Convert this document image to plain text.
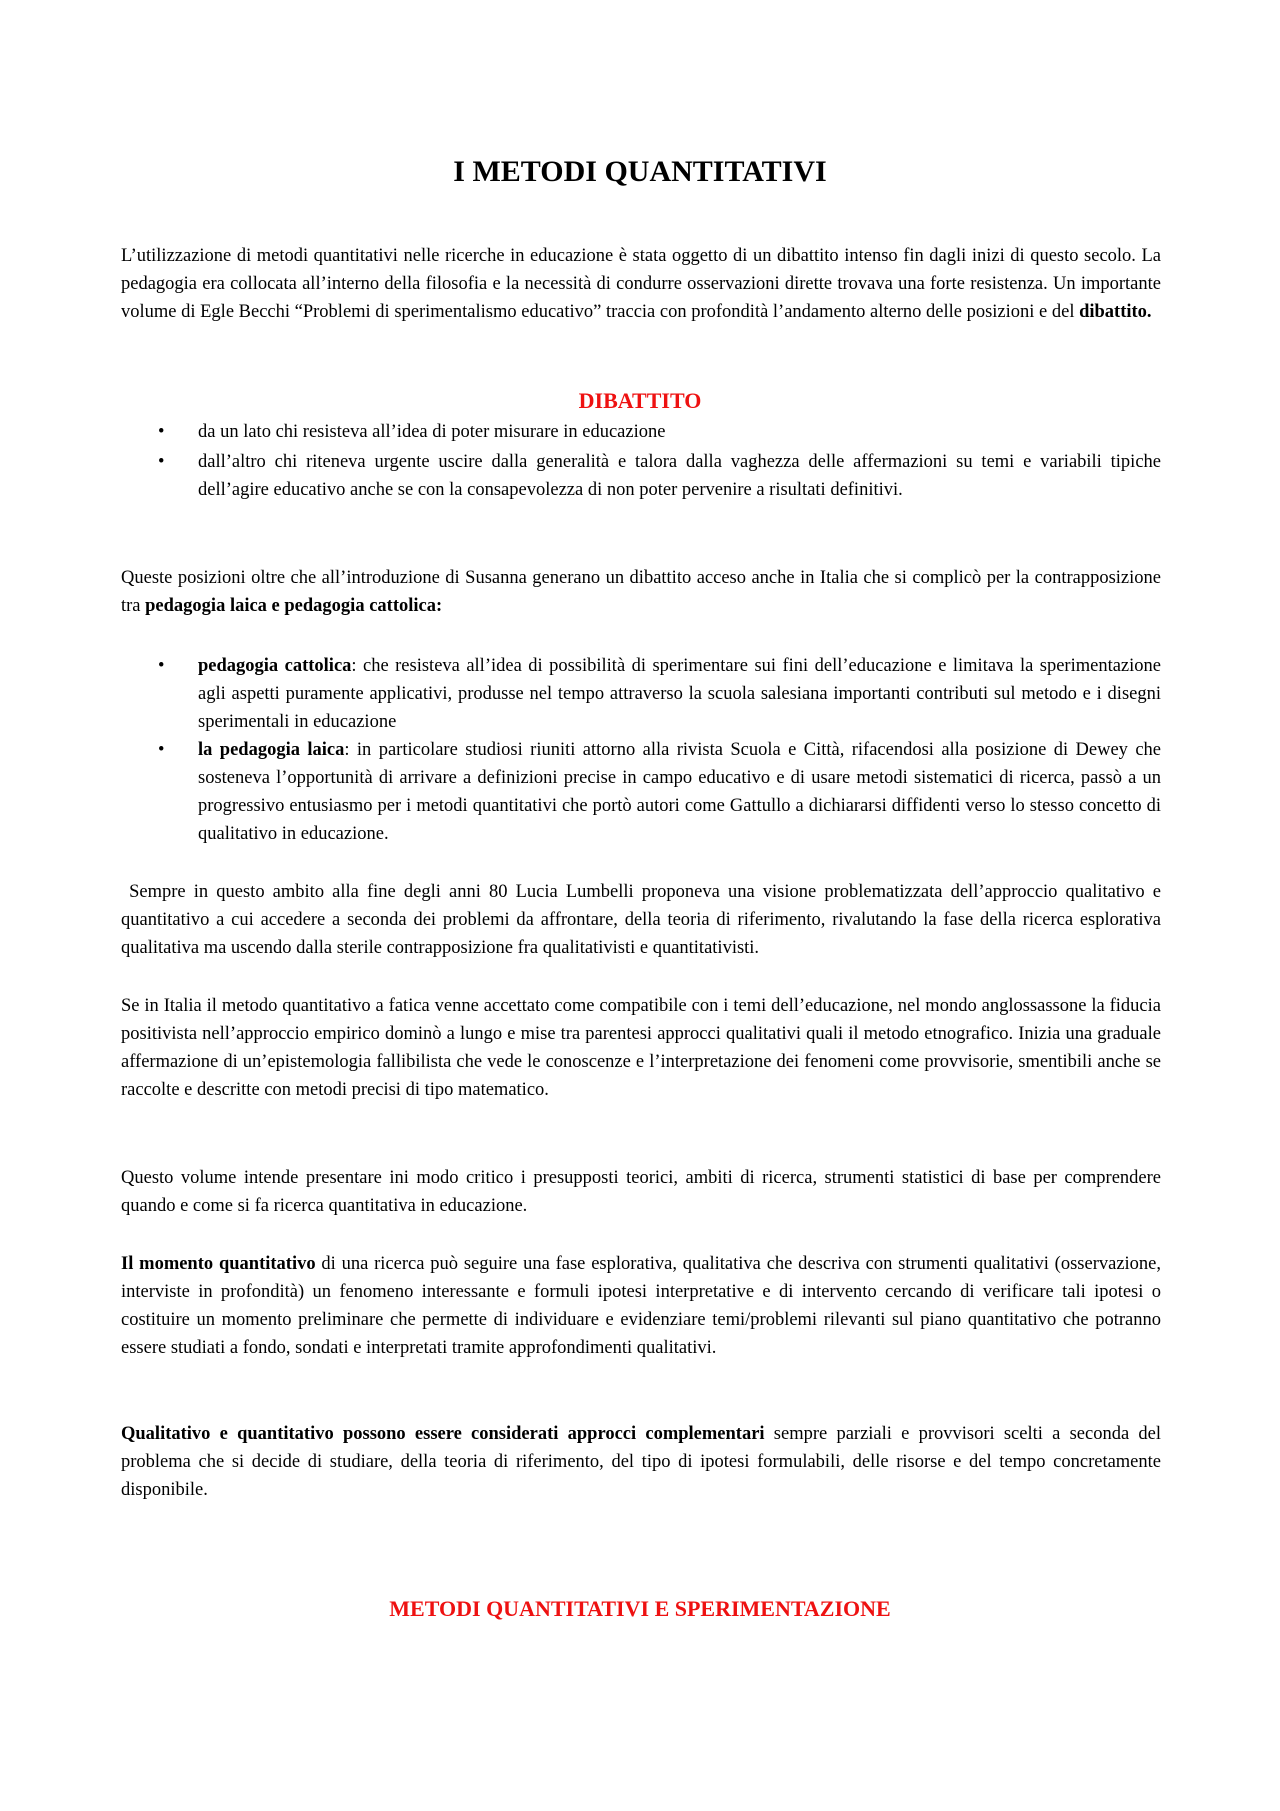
I METODI QUANTITATIVI

L’utilizzazione di metodi quantitativi nelle ricerche in educazione è stata oggetto di un dibattito intenso fin dagli inizi di questo secolo. La pedagogia era collocata all’interno della filosofia e la necessità di condurre osservazioni dirette trovava una forte resistenza. Un importante volume di Egle Becchi “Problemi di sperimentalismo educativo” traccia con profondità l’andamento alterno delle posizioni e del dibattito.

DIBATTITO
• da un lato chi resisteva all’idea di poter misurare in educazione
• dall’altro chi riteneva urgente uscire dalla generalità e talora dalla vaghezza delle affermazioni su temi e variabili tipiche dell’agire educativo anche se con la consapevolezza di non poter pervenire a risultati definitivi.

Queste posizioni oltre che all’introduzione di Susanna generano un dibattito acceso anche in Italia che si complicò per la contrapposizione tra pedagogia laica e pedagogia cattolica:

• pedagogia cattolica: che resisteva all’idea di possibilità di sperimentare sui fini dell’educazione e limitava la sperimentazione agli aspetti puramente applicativi, produsse nel tempo attraverso la scuola salesiana importanti contributi sul metodo e i disegni sperimentali in educazione
• la pedagogia laica: in particolare studiosi riuniti attorno alla rivista Scuola e Città, rifacendosi alla posizione di Dewey che sosteneva l’opportunità di arrivare a definizioni precise in campo educativo e di usare metodi sistematici di ricerca, passò a un progressivo entusiasmo per i metodi quantitativi che portò autori come Gattullo a dichiararsi diffidenti verso lo stesso concetto di qualitativo in educazione.

Sempre in questo ambito alla fine degli anni 80 Lucia Lumbelli proponeva una visione problematizzata dell’approccio qualitativo e quantitativo a cui accedere a seconda dei problemi da affrontare, della teoria di riferimento, rivalutando la fase della ricerca esplorativa qualitativa ma uscendo dalla sterile contrapposizione fra qualitativisti e quantitativisti.

Se in Italia il metodo quantitativo a fatica venne accettato come compatibile con i temi dell’educazione, nel mondo anglossassone la fiducia positivista nell’approccio empirico dominò a lungo e mise tra parentesi approcci qualitativi quali il metodo etnografico. Inizia una graduale affermazione di un’epistemologia fallibilista che vede le conoscenze e l’interpretazione dei fenomeni come provvisorie, smentibili anche se raccolte e descritte con metodi precisi di tipo matematico.

Questo volume intende presentare ini modo critico i presupposti teorici, ambiti di ricerca, strumenti statistici di base per comprendere quando e come si fa ricerca quantitativa in educazione.

Il momento quantitativo di una ricerca può seguire una fase esplorativa, qualitativa che descriva con strumenti qualitativi (osservazione, interviste in profondità) un fenomeno interessante e formuli ipotesi interpretative e di intervento cercando di verificare tali ipotesi o costituire un momento preliminare che permette di individuare e evidenziare temi/problemi rilevanti sul piano quantitativo che potranno essere studiati a fondo, sondati e interpretati tramite approfondimenti qualitativi.

Qualitativo e quantitativo possono essere considerati approcci complementari sempre parziali e provvisori scelti a seconda del problema che si decide di studiare, della teoria di riferimento, del tipo di ipotesi formulabili, delle risorse e del tempo concretamente disponibile.

METODI QUANTITATIVI E SPERIMENTAZIONE
